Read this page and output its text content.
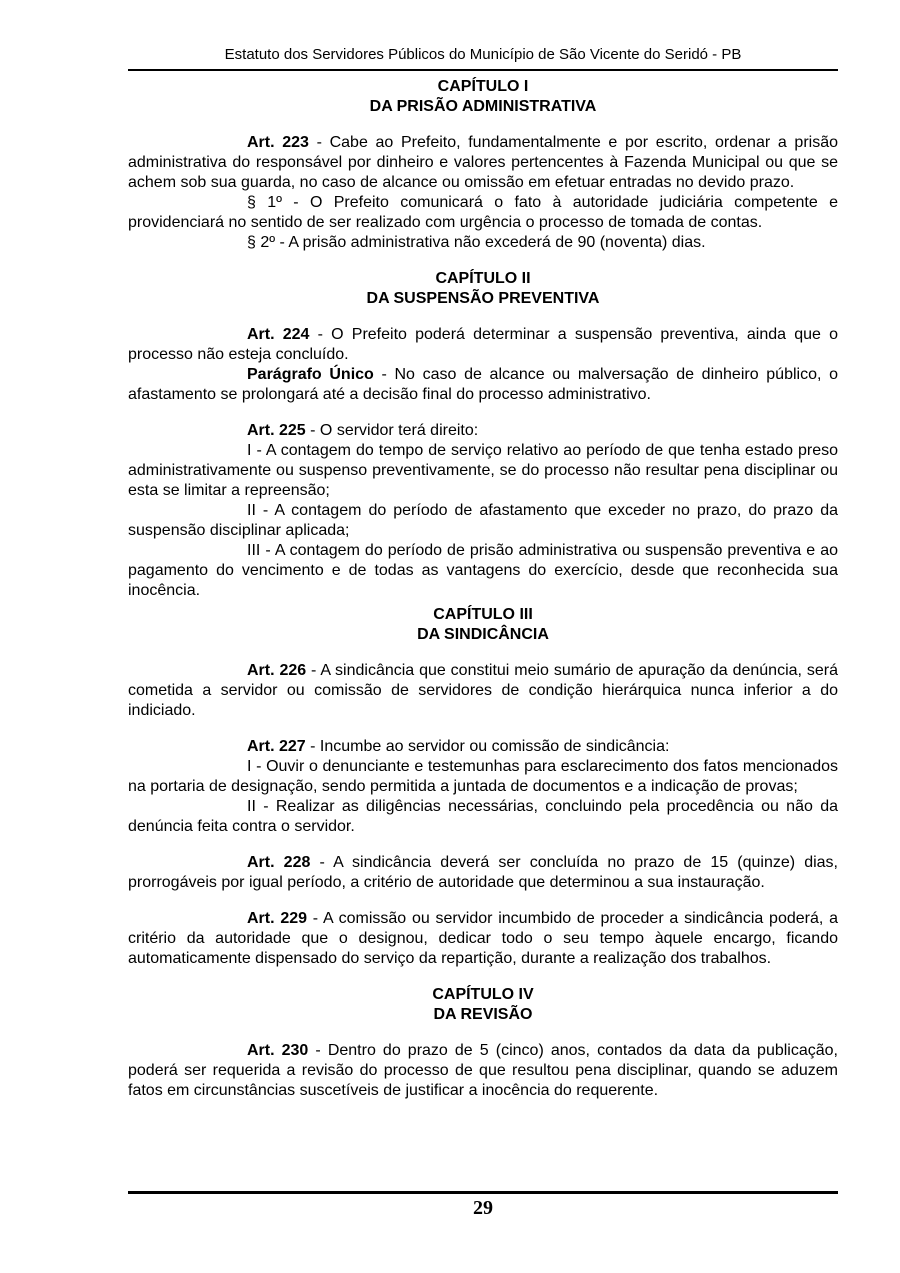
Estatuto dos Servidores Públicos do Município de São Vicente do Seridó - PB
CAPÍTULO I
DA PRISÃO ADMINISTRATIVA

Art. 223 - Cabe ao Prefeito, fundamentalmente e por escrito, ordenar a prisão administrativa do responsável por dinheiro e valores pertencentes à Fazenda Municipal ou que se achem sob sua guarda, no caso de alcance ou omissão em efetuar entradas no devido prazo.

§ 1º - O Prefeito comunicará o fato à autoridade judiciária competente e providenciará no sentido de ser realizado com urgência o processo de tomada de contas.

§ 2º - A prisão administrativa não excederá de 90 (noventa) dias.

CAPÍTULO II
DA SUSPENSÃO PREVENTIVA

Art. 224 - O Prefeito poderá determinar a suspensão preventiva, ainda que o processo não esteja concluído.

Parágrafo Único - No caso de alcance ou malversação de dinheiro público, o afastamento se prolongará até a decisão final do processo administrativo.

Art. 225 - O servidor terá direito:

I - A contagem do tempo de serviço relativo ao período de que tenha estado preso administrativamente ou suspenso preventivamente, se do processo não resultar pena disciplinar ou esta se limitar a repreensão;

II - A contagem do período de afastamento que exceder no prazo, do prazo da suspensão disciplinar aplicada;

III - A contagem do período de prisão administrativa ou suspensão preventiva e ao pagamento do vencimento e de todas as vantagens do exercício, desde que reconhecida sua inocência.

CAPÍTULO III
DA SINDICÂNCIA

Art. 226 - A sindicância que constitui meio sumário de apuração da denúncia, será cometida a servidor ou comissão de servidores de condição hierárquica nunca inferior a do indiciado.

Art. 227 - Incumbe ao servidor ou comissão de sindicância:

I - Ouvir o denunciante e testemunhas para esclarecimento dos fatos mencionados na portaria de designação, sendo permitida a juntada de documentos e a indicação de provas;

II - Realizar as diligências necessárias, concluindo pela procedência ou não da denúncia feita contra o servidor.

Art. 228 - A sindicância deverá ser concluída no prazo de 15 (quinze) dias, prorrogáveis por igual período, a critério de autoridade que determinou a sua instauração.

Art. 229 - A comissão ou servidor incumbido de proceder a sindicância poderá, a critério da autoridade que o designou, dedicar todo o seu tempo àquele encargo, ficando automaticamente dispensado do serviço da repartição, durante a realização dos trabalhos.

CAPÍTULO IV
DA REVISÃO

Art. 230 - Dentro do prazo de 5 (cinco) anos, contados da data da publicação, poderá ser requerida a revisão do processo de que resultou pena disciplinar, quando se aduzem fatos em circunstâncias suscetíveis de justificar a inocência do requerente.

29
